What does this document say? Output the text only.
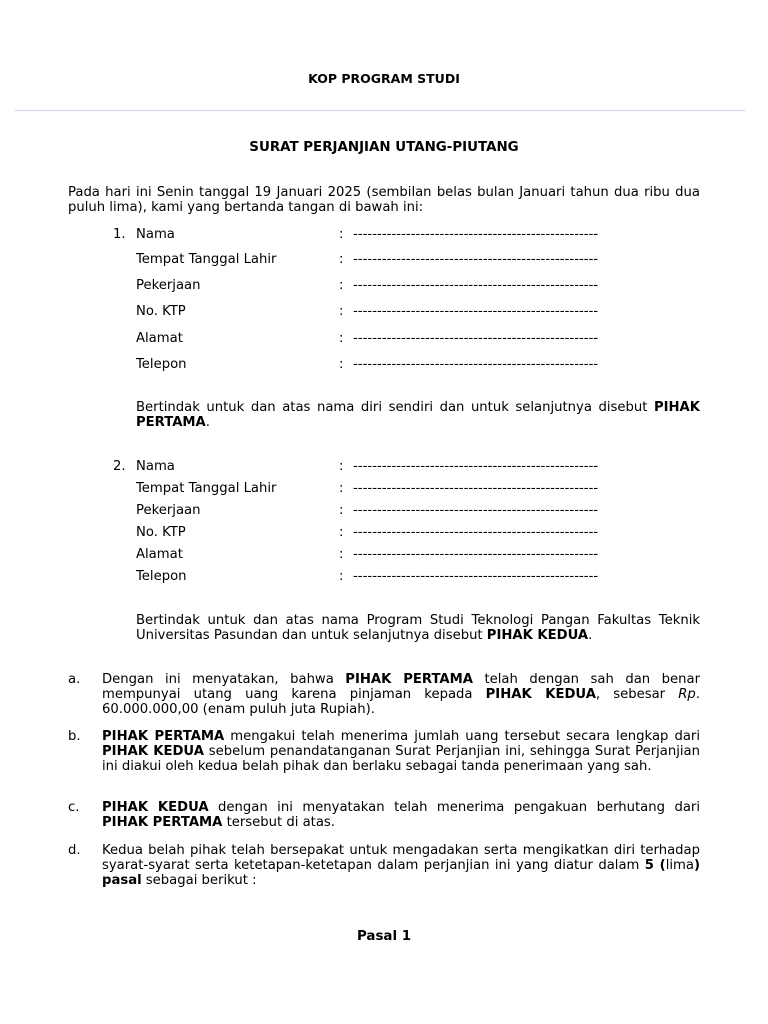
KOP PROGRAM STUDI
SURAT PERJANJIAN UTANG-PIUTANG
Pada hari ini Senin tanggal 19 Januari 2025 (sembilan belas bulan Januari tahun dua ribu dua puluh lima), kami yang bertanda tangan di bawah ini:
1. Nama	: ---------------------------------------------------
Tempat Tanggal Lahir	: ---------------------------------------------------
Pekerjaan	: ---------------------------------------------------
No. KTP	: ---------------------------------------------------
Alamat	: ---------------------------------------------------
Telepon	: ---------------------------------------------------
Bertindak untuk dan atas nama diri sendiri dan untuk selanjutnya disebut PIHAK PERTAMA.
2. Nama	: ---------------------------------------------------
Tempat Tanggal Lahir	: ---------------------------------------------------
Pekerjaan	: ---------------------------------------------------
No. KTP	: ---------------------------------------------------
Alamat	: ---------------------------------------------------
Telepon	: ---------------------------------------------------
Bertindak untuk dan atas nama Program Studi Teknologi Pangan Fakultas Teknik Universitas Pasundan dan untuk selanjutnya disebut PIHAK KEDUA.
a. Dengan ini menyatakan, bahwa PIHAK PERTAMA telah dengan sah dan benar mempunyai utang uang karena pinjaman kepada PIHAK KEDUA, sebesar Rp. 60.000.000,00 (enam puluh juta Rupiah).
b. PIHAK PERTAMA mengakui telah menerima jumlah uang tersebut secara lengkap dari PIHAK KEDUA sebelum penandatanganan Surat Perjanjian ini, sehingga Surat Perjanjian ini diakui oleh kedua belah pihak dan berlaku sebagai tanda penerimaan yang sah.
c. PIHAK KEDUA dengan ini menyatakan telah menerima pengakuan berhutang dari PIHAK PERTAMA tersebut di atas.
d. Kedua belah pihak telah bersepakat untuk mengadakan serta mengikatkan diri terhadap syarat-syarat serta ketetapan-ketetapan dalam perjanjian ini yang diatur dalam 5 (lima) pasal sebagai berikut :
Pasal 1
